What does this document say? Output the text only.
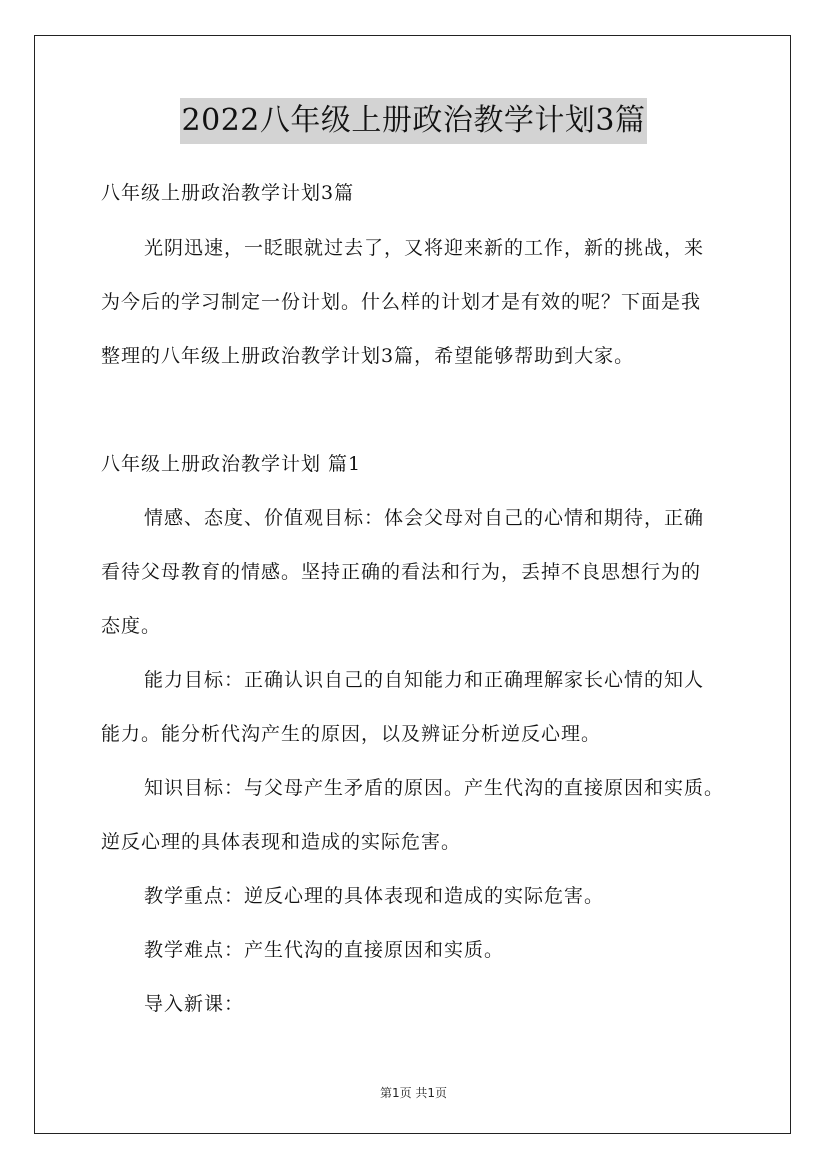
2022八年级上册政治教学计划3篇
八年级上册政治教学计划3篇
光阴迅速，一眨眼就过去了，又将迎来新的工作，新的挑战，来
为今后的学习制定一份计划。什么样的计划才是有效的呢？下面是我
整理的八年级上册政治教学计划3篇，希望能够帮助到大家。
八年级上册政治教学计划 篇1
情感、态度、价值观目标：体会父母对自己的心情和期待，正确
看待父母教育的情感。坚持正确的看法和行为，丢掉不良思想行为的
态度。
能力目标：正确认识自己的自知能力和正确理解家长心情的知人
能力。能分析代沟产生的原因，以及辨证分析逆反心理。
知识目标：与父母产生矛盾的原因。产生代沟的直接原因和实质。
逆反心理的具体表现和造成的实际危害。
教学重点：逆反心理的具体表现和造成的实际危害。
教学难点：产生代沟的直接原因和实质。
导入新课：
第1页 共1页
